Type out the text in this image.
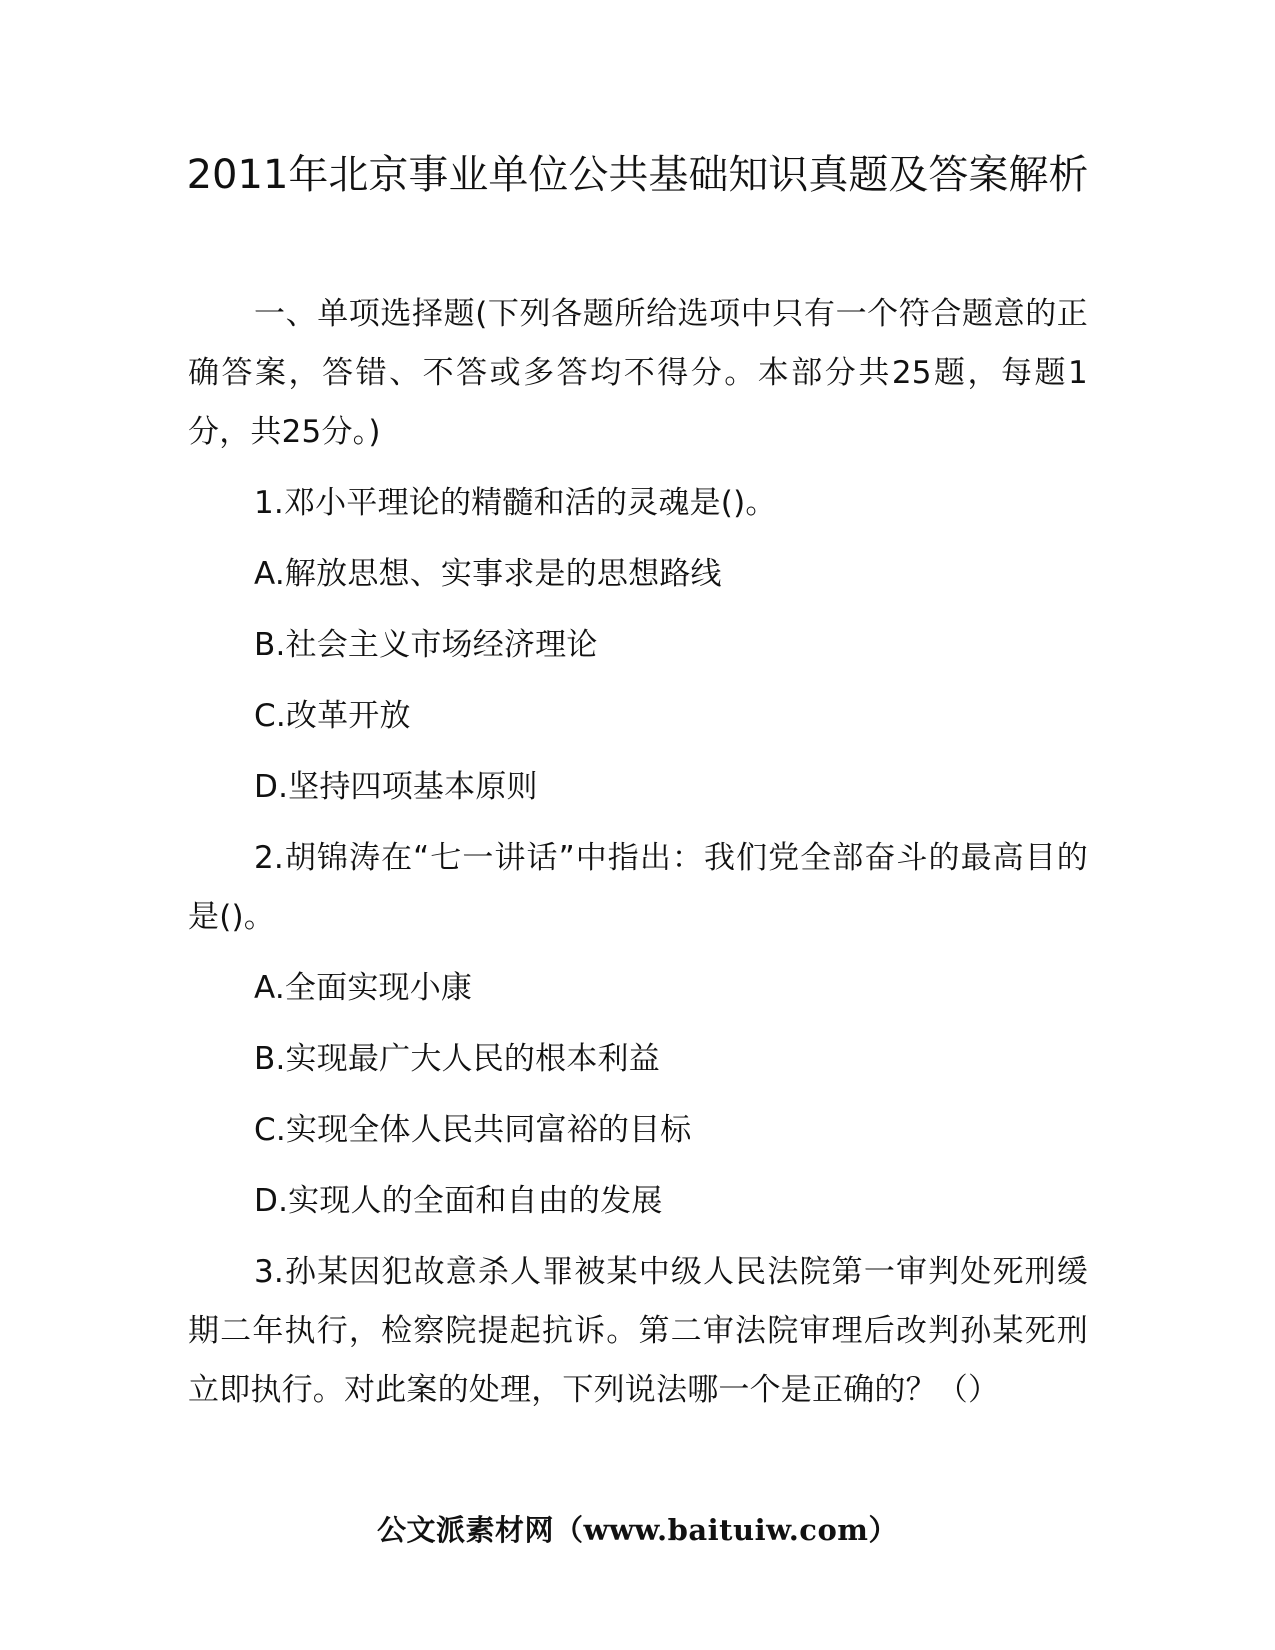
2011年北京事业单位公共基础知识真题及答案解析

一、单项选择题(下列各题所给选项中只有一个符合题意的正确答案，答错、不答或多答均不得分。本部分共25题，每题1分，共25分。)

1.邓小平理论的精髓和活的灵魂是()。

A.解放思想、实事求是的思想路线

B.社会主义市场经济理论

C.改革开放

D.坚持四项基本原则

2.胡锦涛在“七一讲话”中指出：我们党全部奋斗的最高目的是()。

A.全面实现小康

B.实现最广大人民的根本利益

C.实现全体人民共同富裕的目标

D.实现人的全面和自由的发展

3.孙某因犯故意杀人罪被某中级人民法院第一审判处死刑缓期二年执行，检察院提起抗诉。第二审法院审理后改判孙某死刑立即执行。对此案的处理，下列说法哪一个是正确的？（）

公文派素材网（www.baituiw.com）
